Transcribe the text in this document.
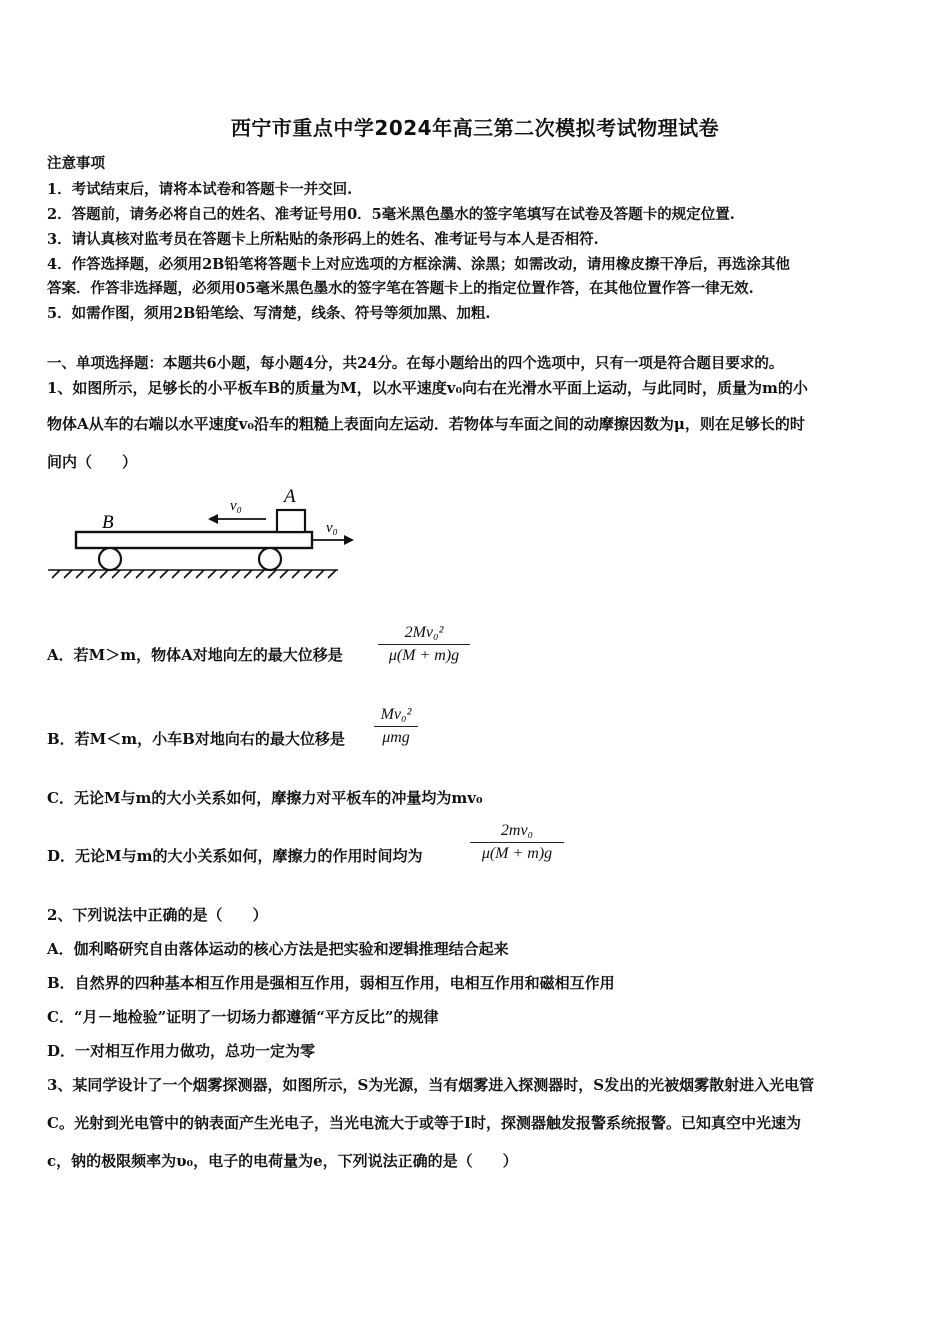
西宁市重点中学2024年高三第二次模拟考试物理试卷
注意事项
1．考试结束后，请将本试卷和答题卡一并交回.
2．答题前，请务必将自己的姓名、准考证号用0．5毫米黑色墨水的签字笔填写在试卷及答题卡的规定位置.
3．请认真核对监考员在答题卡上所粘贴的条形码上的姓名、准考证号与本人是否相符.
4．作答选择题，必须用2B铅笔将答题卡上对应选项的方框涂满、涂黑；如需改动，请用橡皮擦干净后，再选涂其他
答案．作答非选择题，必须用05毫米黑色墨水的签字笔在答题卡上的指定位置作答，在其他位置作答一律无效.
5．如需作图，须用2B铅笔绘、写清楚，线条、符号等须加黑、加粗.
一、单项选择题：本题共6小题，每小题4分，共24分。在每小题给出的四个选项中，只有一项是符合题目要求的。
1、如图所示，足够长的小平板车B的质量为M，以水平速度v₀向右在光滑水平面上运动，与此同时，质量为m的小
物体A从车的右端以水平速度v₀沿车的粗糙上表面向左运动．若物体与车面之间的动摩擦因数为μ，则在足够长的时
间内（　　）
B
A
v₀
v₀
A．若M＞m，物体A对地向左的最大位移是 $\frac{\text{2Mv₀²}}{\mu(M + m)g}$
B．若M＜m，小车B对地向右的最大位移是
Mv₀²
μmg
C．无论M与m的大小关系如何，摩擦力对平板车的冲量均为mv₀
D．无论M与m的大小关系如何，摩擦力的作用时间均为	$\frac{\text{2mv₀}}{\mu(M + m)g}$
2、下列说法中正确的是（　　）
A．伽利略研究自由落体运动的核心方法是把实验和逻辑推理结合起来
B．自然界的四种基本相互作用是强相互作用，弱相互作用，电相互作用和磁相互作用
C．“月－地检验”证明了一切场力都遵循“平方反比”的规律
D．一对相互作用力做功，总功一定为零
3、某同学设计了一个烟雾探测器，如图所示，S为光源，当有烟雾进入探测器时，S发出的光被烟雾散射进入光电管
C。光射到光电管中的钠表面产生光电子，当光电流大于或等于I时，探测器触发报警系统报警。已知真空中光速为
c，钠的极限频率为υ₀，电子的电荷量为e，下列说法正确的是（　　）
